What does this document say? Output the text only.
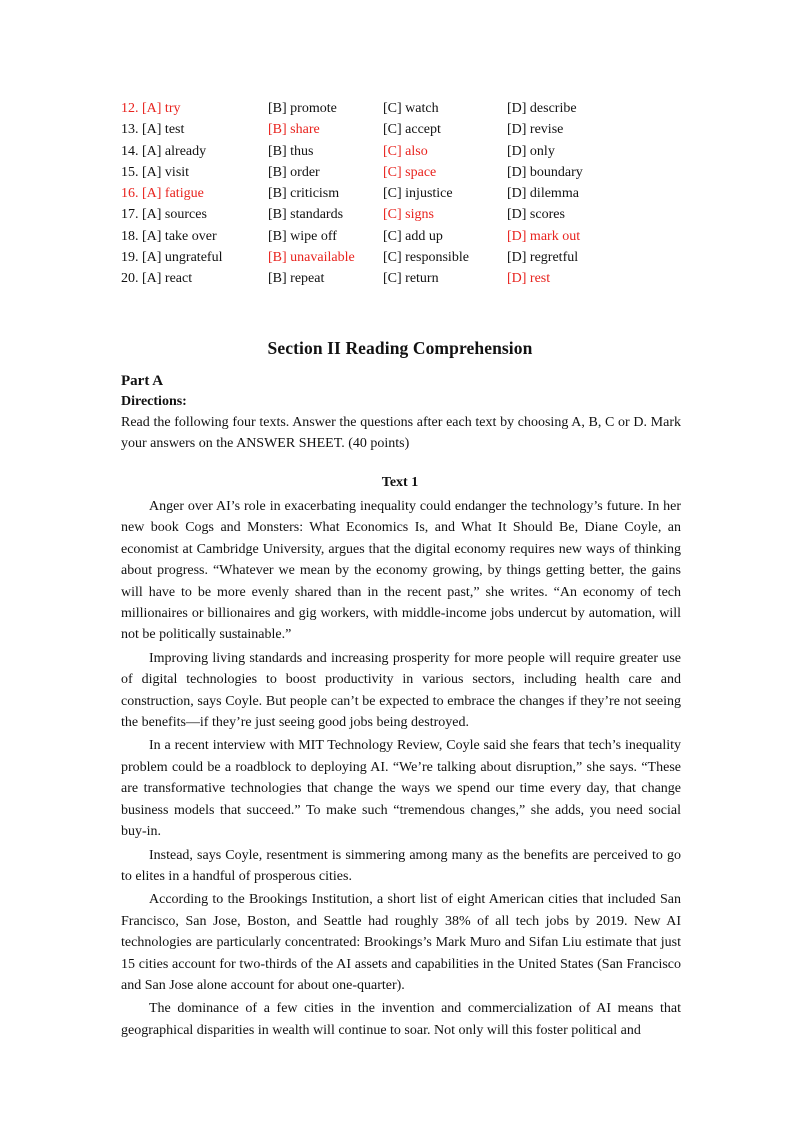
12. [A] try	[B] promote	[C] watch	[D] describe
13. [A] test	[B] share	[C] accept	[D] revise
14. [A] already	[B] thus	[C] also	[D] only
15. [A] visit	[B] order	[C] space	[D] boundary
16. [A] fatigue	[B] criticism	[C] injustice	[D] dilemma
17. [A] sources	[B] standards	[C] signs	[D] scores
18. [A] take over	[B] wipe off	[C] add up	[D] mark out
19. [A] ungrateful	[B] unavailable [C] responsible	[D] regretful
20. [A] react	[B] repeat	[C] return	[D] rest
Section II Reading Comprehension
Part A
Directions:
Read the following four texts. Answer the questions after each text by choosing A, B, C or D. Mark your answers on the ANSWER SHEET. (40 points)
Text 1

Anger over AI’s role in exacerbating inequality could endanger the technology’s future. In her new book Cogs and Monsters: What Economics Is, and What It Should Be, Diane Coyle, an economist at Cambridge University, argues that the digital economy requires new ways of thinking about progress. “Whatever we mean by the economy growing, by things getting better, the gains will have to be more evenly shared than in the recent past,” she writes. “An economy of tech millionaires or billionaires and gig workers, with middle-income jobs undercut by automation, will not be politically sustainable.”

Improving living standards and increasing prosperity for more people will require greater use of digital technologies to boost productivity in various sectors, including health care and construction, says Coyle. But people can’t be expected to embrace the changes if they’re not seeing the benefits—if they’re just seeing good jobs being destroyed.

In a recent interview with MIT Technology Review, Coyle said she fears that tech’s inequality problem could be a roadblock to deploying AI. “We’re talking about disruption,” she says. “These are transformative technologies that change the ways we spend our time every day, that change business models that succeed.” To make such “tremendous changes,” she adds, you need social buy-in.

Instead, says Coyle, resentment is simmering among many as the benefits are perceived to go to elites in a handful of prosperous cities.

According to the Brookings Institution, a short list of eight American cities that included San Francisco, San Jose, Boston, and Seattle had roughly 38% of all tech jobs by 2019. New AI technologies are particularly concentrated: Brookings’s Mark Muro and Sifan Liu estimate that just 15 cities account for two-thirds of the AI assets and capabilities in the United States (San Francisco and San Jose alone account for about one-quarter).

The dominance of a few cities in the invention and commercialization of AI means that geographical disparities in wealth will continue to soar. Not only will this foster political and
